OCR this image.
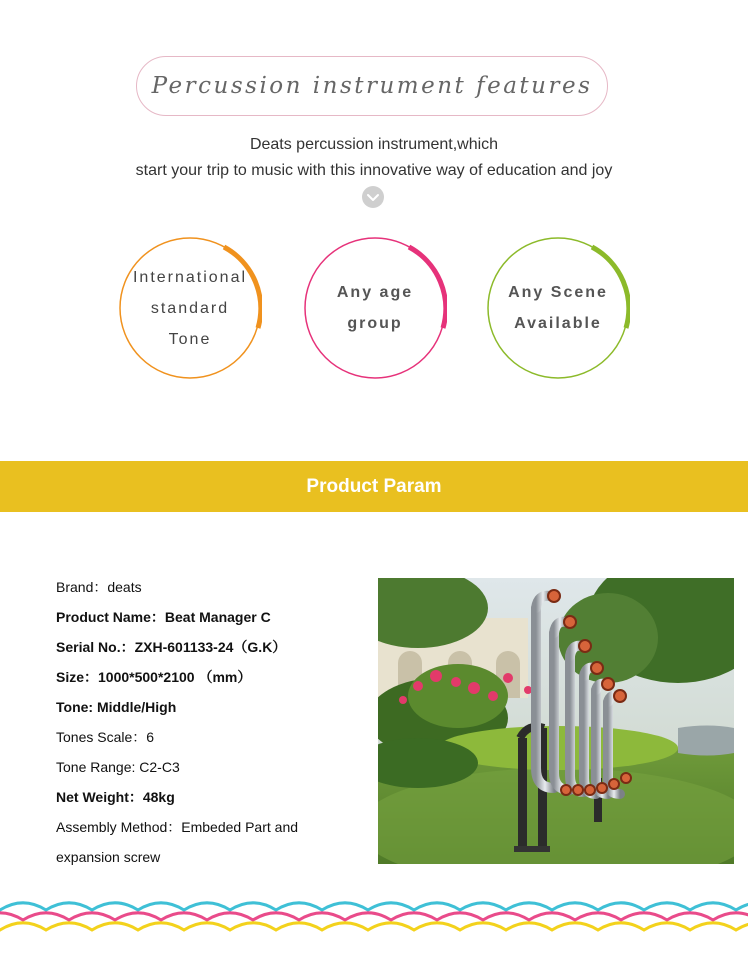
Percussion instrument features
Deats percussion instrument,which
start your trip to music with this innovative way of education and joy
International
standard
Tone
Any age
group
Any Scene
Available
Product Param
Brand：deats
Product Name：Beat Manager C
Serial No.：ZXH-601133-24（G.K）
Size：1000*500*2100 （mm）
Tone: Middle/High
Tones Scale：6
Tone Range: C2-C3
Net Weight：48kg
Assembly Method：Embeded Part and
expansion screw
